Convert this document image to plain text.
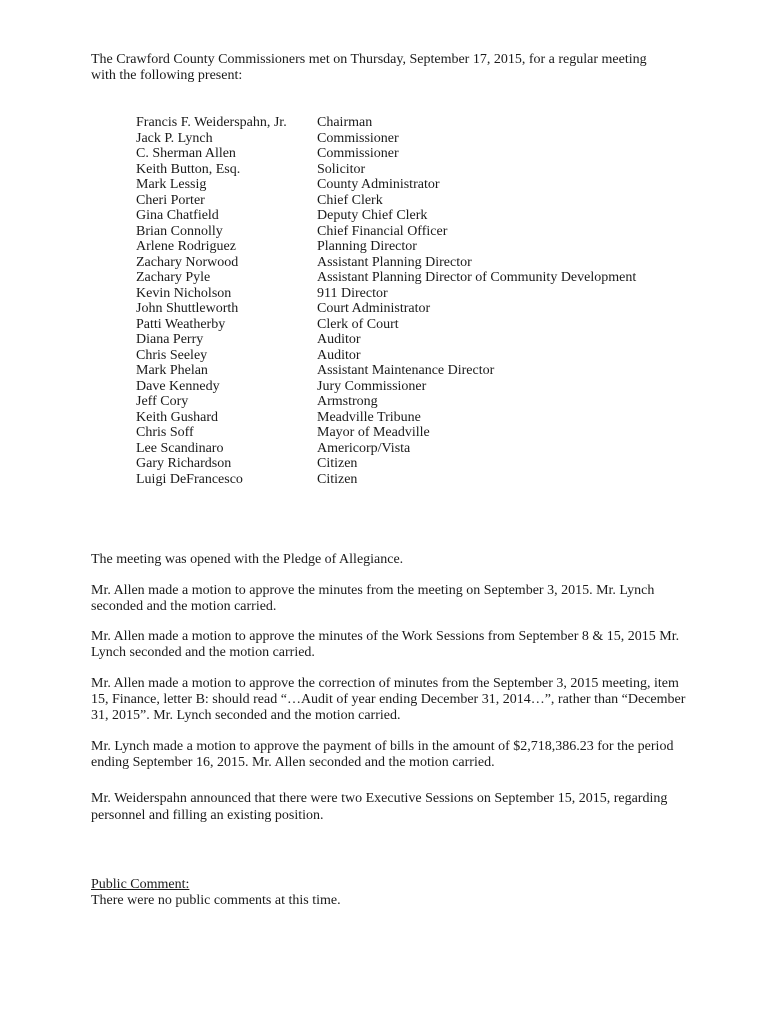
The Crawford County Commissioners met on Thursday, September 17, 2015, for a regular meeting with the following present:

Francis F. Weiderspahn, Jr.	Chairman
Jack P. Lynch	Commissioner
C. Sherman Allen	Commissioner
Keith Button, Esq.	Solicitor
Mark Lessig	County Administrator
Cheri Porter	Chief Clerk
Gina Chatfield	Deputy Chief Clerk
Brian Connolly	Chief Financial Officer
Arlene Rodriguez	Planning Director
Zachary Norwood	Assistant Planning Director
Zachary Pyle	Assistant Planning Director of Community Development
Kevin Nicholson	911 Director
John Shuttleworth	Court Administrator
Patti Weatherby	Clerk of Court
Diana Perry	Auditor
Chris Seeley	Auditor
Mark Phelan	Assistant Maintenance Director
Dave Kennedy	Jury Commissioner
Jeff Cory	Armstrong
Keith Gushard	Meadville Tribune
Chris Soff	Mayor of Meadville
Lee Scandinaro	Americorp/Vista
Gary Richardson	Citizen
Luigi DeFrancesco	Citizen

The meeting was opened with the Pledge of Allegiance.

Mr. Allen made a motion to approve the minutes from the meeting on September 3, 2015. Mr. Lynch seconded and the motion carried.

Mr. Allen made a motion to approve the minutes of the Work Sessions from September 8 & 15, 2015 Mr. Lynch seconded and the motion carried.

Mr. Allen made a motion to approve the correction of minutes from the September 3, 2015 meeting, item 15, Finance, letter B: should read “…Audit of year ending December 31, 2014…”, rather than “December 31, 2015”. Mr. Lynch seconded and the motion carried.

Mr. Lynch made a motion to approve the payment of bills in the amount of $2,718,386.23 for the period ending September 16, 2015. Mr. Allen seconded and the motion carried.

Mr. Weiderspahn announced that there were two Executive Sessions on September 15, 2015, regarding personnel and filling an existing position.

Public Comment:
There were no public comments at this time.
